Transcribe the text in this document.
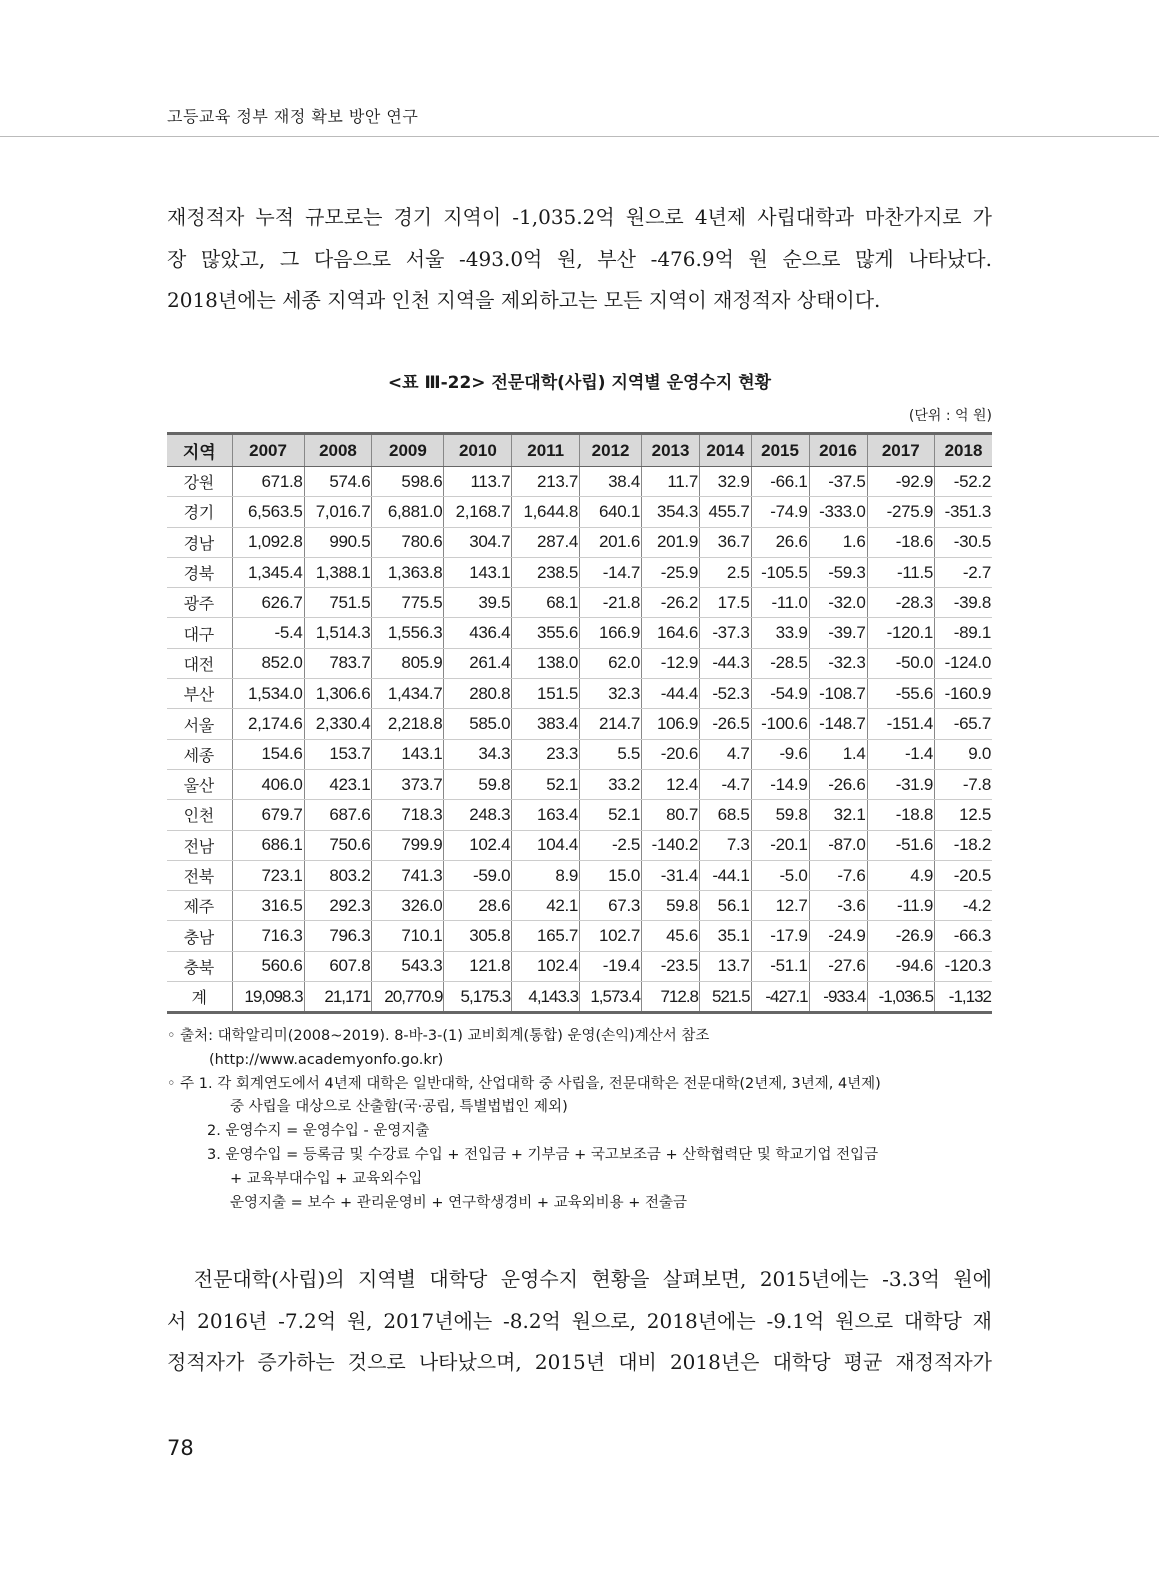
고등교육 정부 재정 확보 방안 연구
재정적자 누적 규모로는 경기 지역이 -1,035.2억 원으로 4년제 사립대학과 마찬가지로 가
장 많았고, 그 다음으로 서울 -493.0억 원, 부산 -476.9억 원 순으로 많게 나타났다.
2018년에는 세종 지역과 인천 지역을 제외하고는 모든 지역이 재정적자 상태이다.
<표 Ⅲ-22> 전문대학(사립) 지역별 운영수지 현황
(단위 : 억 원)
지역	2007	2008	2009	2010	2011	2012	2013	2014	2015	2016	2017	2018
강원	671.8	574.6	598.6	113.7	213.7	38.4	11.7	32.9	-66.1	-37.5	-92.9	-52.2
경기	6,563.5	7,016.7	6,881.0	2,168.7	1,644.8	640.1	354.3	455.7	-74.9	-333.0	-275.9	-351.3
경남	1,092.8	990.5	780.6	304.7	287.4	201.6	201.9	36.7	26.6	1.6	-18.6	-30.5
경북	1,345.4	1,388.1	1,363.8	143.1	238.5	-14.7	-25.9	2.5	-105.5	-59.3	-11.5	-2.7
광주	626.7	751.5	775.5	39.5	68.1	-21.8	-26.2	17.5	-11.0	-32.0	-28.3	-39.8
대구	-5.4	1,514.3	1,556.3	436.4	355.6	166.9	164.6	-37.3	33.9	-39.7	-120.1	-89.1
대전	852.0	783.7	805.9	261.4	138.0	62.0	-12.9	-44.3	-28.5	-32.3	-50.0	-124.0
부산	1,534.0	1,306.6	1,434.7	280.8	151.5	32.3	-44.4	-52.3	-54.9	-108.7	-55.6	-160.9
서울	2,174.6	2,330.4	2,218.8	585.0	383.4	214.7	106.9	-26.5	-100.6	-148.7	-151.4	-65.7
세종	154.6	153.7	143.1	34.3	23.3	5.5	-20.6	4.7	-9.6	1.4	-1.4	9.0
울산	406.0	423.1	373.7	59.8	52.1	33.2	12.4	-4.7	-14.9	-26.6	-31.9	-7.8
인천	679.7	687.6	718.3	248.3	163.4	52.1	80.7	68.5	59.8	32.1	-18.8	12.5
전남	686.1	750.6	799.9	102.4	104.4	-2.5	-140.2	7.3	-20.1	-87.0	-51.6	-18.2
전북	723.1	803.2	741.3	-59.0	8.9	15.0	-31.4	-44.1	-5.0	-7.6	4.9	-20.5
제주	316.5	292.3	326.0	28.6	42.1	67.3	59.8	56.1	12.7	-3.6	-11.9	-4.2
충남	716.3	796.3	710.1	305.8	165.7	102.7	45.6	35.1	-17.9	-24.9	-26.9	-66.3
충북	560.6	607.8	543.3	121.8	102.4	-19.4	-23.5	13.7	-51.1	-27.6	-94.6	-120.3
계	19,098.3	21,171	20,770.9	5,175.3	4,143.3	1,573.4	712.8	521.5	-427.1	-933.4	-1,036.5	-1,132
◦ 출처: 대학알리미(2008~2019). 8-바-3-(1) 교비회계(통합) 운영(손익)계산서 참조
(http://www.academyonfo.go.kr)
◦ 주 1. 각 회계연도에서 4년제 대학은 일반대학, 산업대학 중 사립을, 전문대학은 전문대학(2년제, 3년제, 4년제)
중 사립을 대상으로 산출함(국·공립, 특별법법인 제외)
2. 운영수지 = 운영수입 - 운영지출
3. 운영수입 = 등록금 및 수강료 수입 + 전입금 + 기부금 + 국고보조금 + 산학협력단 및 학교기업 전입금
+ 교육부대수입 + 교육외수입
운영지출 = 보수 + 관리운영비 + 연구학생경비 + 교육외비용 + 전출금
전문대학(사립)의 지역별 대학당 운영수지 현황을 살펴보면, 2015년에는 -3.3억 원에
서 2016년 -7.2억 원, 2017년에는 -8.2억 원으로, 2018년에는 -9.1억 원으로 대학당 재
정적자가 증가하는 것으로 나타났으며, 2015년 대비 2018년은 대학당 평균 재정적자가
78
